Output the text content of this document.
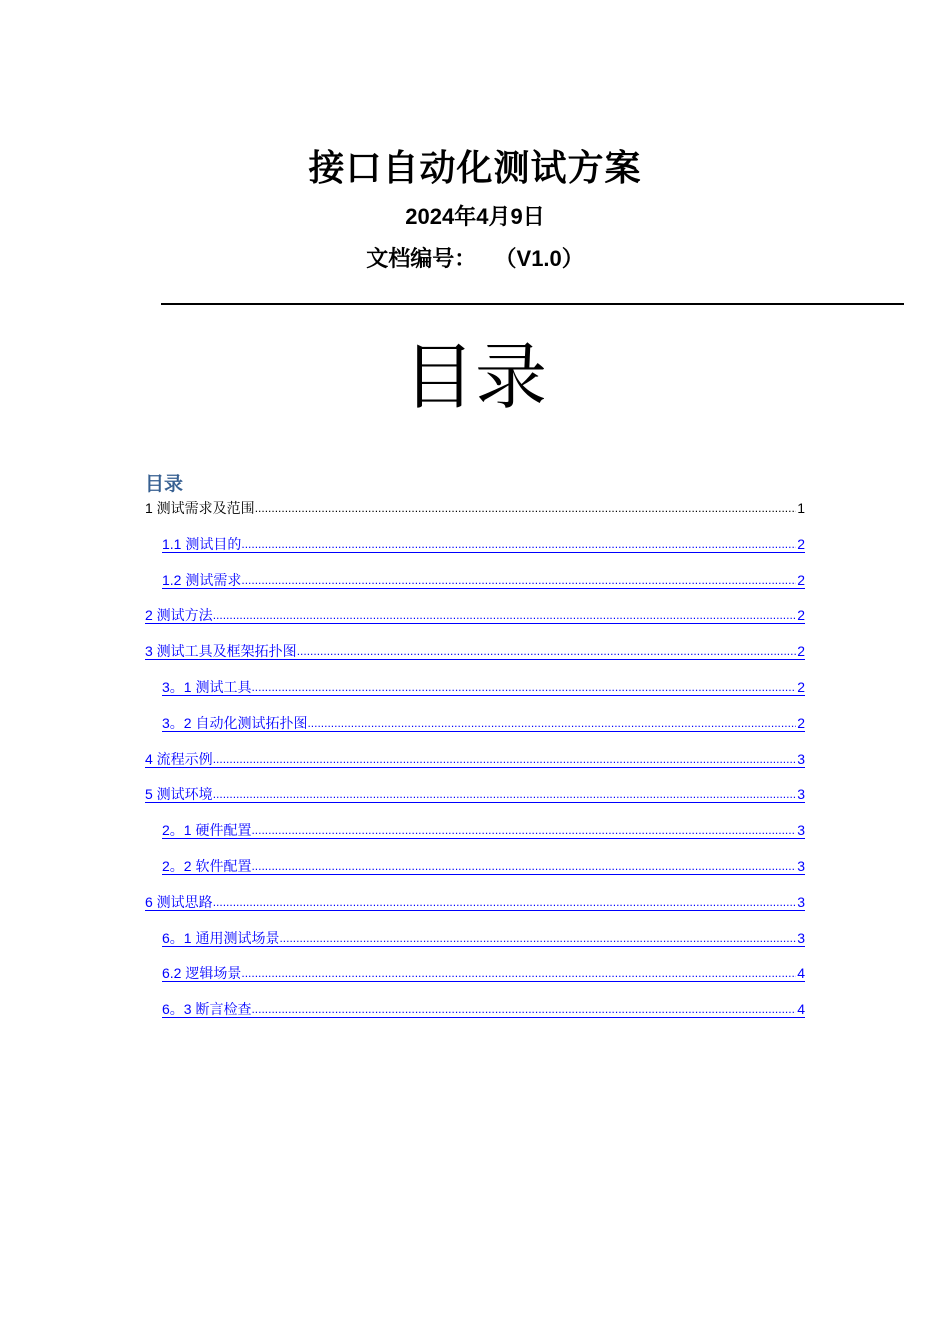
接口自动化测试方案
2024年4月9日
文档编号：   （V1.0）
目录
目录
1 测试需求及范围 .....	1
1.1 测试目的 .....	2
1.2 测试需求 .....	2
2 测试方法 .....	2
3 测试工具及框架拓扑图 .....	2
3。1 测试工具 .....	2
3。2 自动化测试拓扑图 .....	2
4 流程示例 .....	3
5 测试环境 .....	3
2。1 硬件配置 .....	3
2。2 软件配置 .....	3
6 测试思路 .....	3
6。1 通用测试场景 .....	3
6.2 逻辑场景 .....	4
6。3 断言检查 .....	4
